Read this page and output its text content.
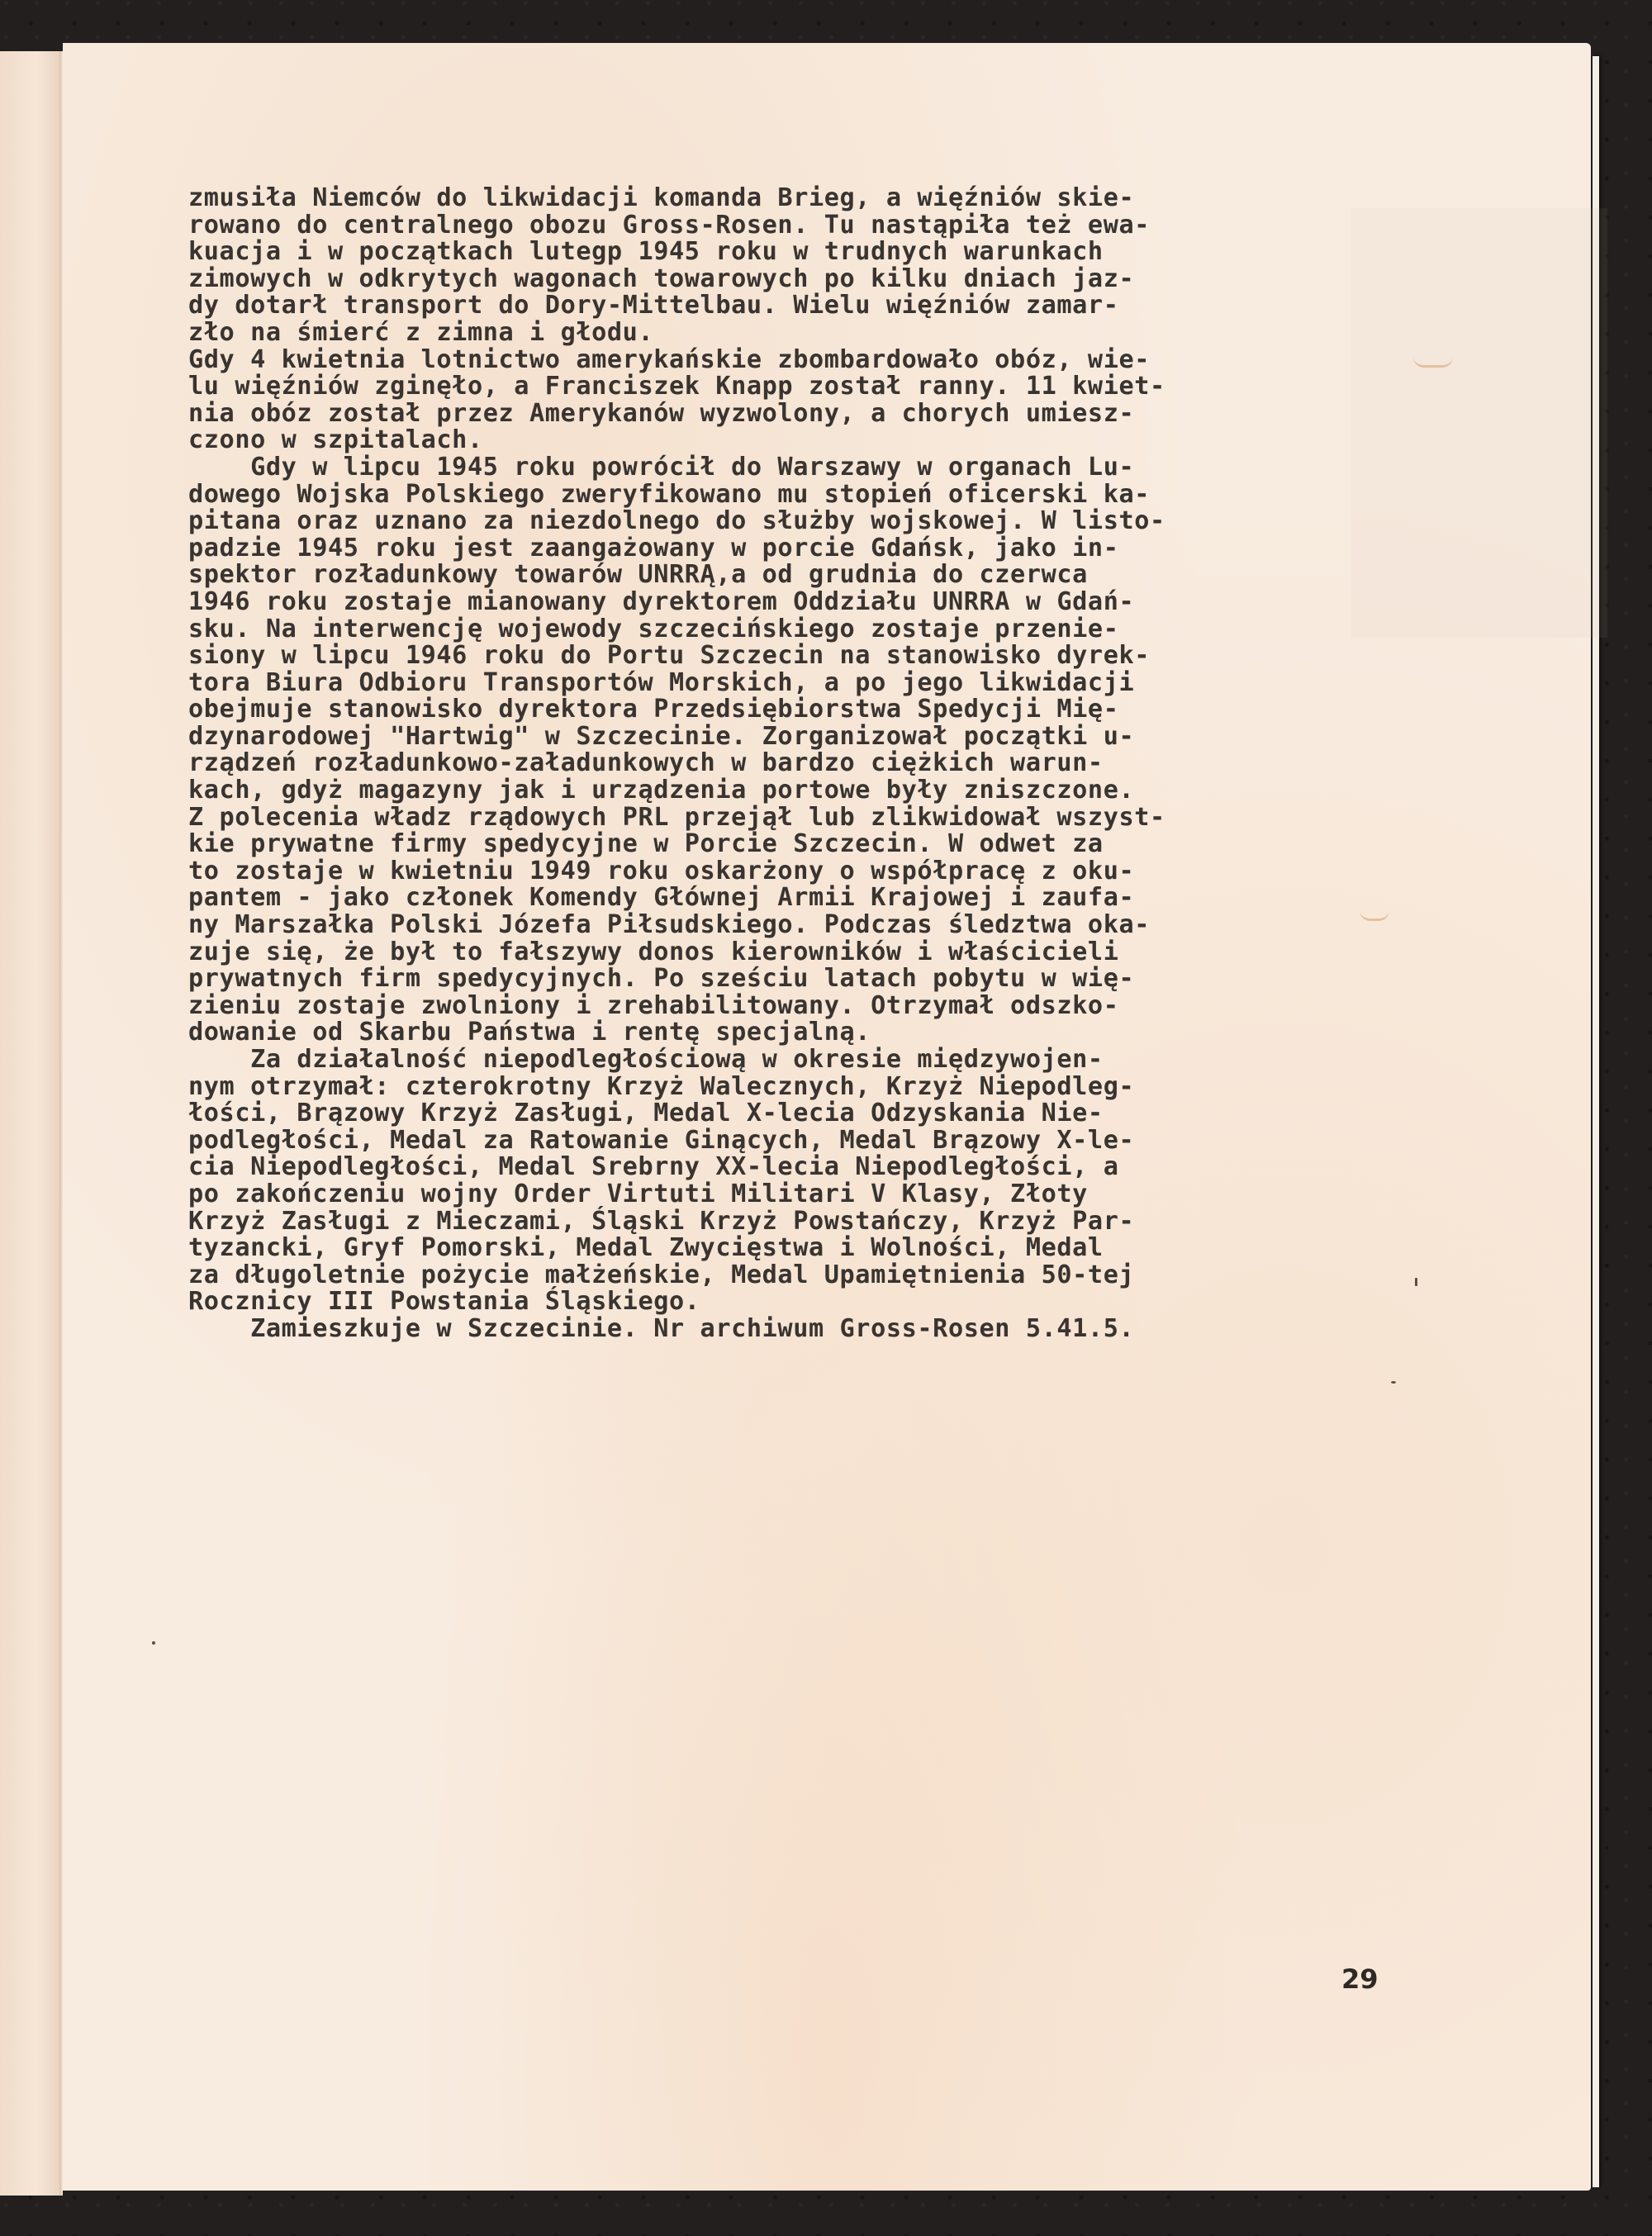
zmusiła Niemców do likwidacji komanda Brieg, a więźniów skie-
rowano do centralnego obozu Gross-Rosen. Tu nastąpiła też ewa-
kuacja i w początkach lutegp 1945 roku w trudnych warunkach
zimowych w odkrytych wagonach towarowych po kilku dniach jaz-
dy dotarł transport do Dory-Mittelbau. Wielu więźniów zamar-
zło na śmierć z zimna i głodu.
Gdy 4 kwietnia lotnictwo amerykańskie zbombardowało obóz, wie-
lu więźniów zginęło, a Franciszek Knapp został ranny. 11 kwiet-
nia obóz został przez Amerykanów wyzwolony, a chorych umiesz-
czono w szpitalach.
Gdy w lipcu 1945 roku powrócił do Warszawy w organach Lu-
dowego Wojska Polskiego zweryfikowano mu stopień oficerski ka-
pitana oraz uznano za niezdolnego do służby wojskowej. W listo-
padzie 1945 roku jest zaangażowany w porcie Gdańsk, jako in-
spektor rozładunkowy towarów UNRRĄ,a od grudnia do czerwca
1946 roku zostaje mianowany dyrektorem Oddziału UNRRA w Gdań-
sku. Na interwencję wojewody szczecińskiego zostaje przenie-
siony w lipcu 1946 roku do Portu Szczecin na stanowisko dyrek-
tora Biura Odbioru Transportów Morskich, a po jego likwidacji
obejmuje stanowisko dyrektora Przedsiębiorstwa Spedycji Mię-
dzynarodowej "Hartwig" w Szczecinie. Zorganizował początki u-
rządzeń rozładunkowo-załadunkowych w bardzo ciężkich warun-
kach, gdyż magazyny jak i urządzenia portowe były zniszczone.
Z polecenia władz rządowych PRL przejął lub zlikwidował wszyst-
kie prywatne firmy spedycyjne w Porcie Szczecin. W odwet za
to zostaje w kwietniu 1949 roku oskarżony o współpracę z oku-
pantem - jako członek Komendy Głównej Armii Krajowej i zaufa-
ny Marszałka Polski Józefa Piłsudskiego. Podczas śledztwa oka-
zuje się, że był to fałszywy donos kierowników i właścicieli
prywatnych firm spedycyjnych. Po sześciu latach pobytu w wię-
zieniu zostaje zwolniony i zrehabilitowany. Otrzymał odszko-
dowanie od Skarbu Państwa i rentę specjalną.
Za działalność niepodległościową w okresie międzywojen-
nym otrzymał: czterokrotny Krzyż Walecznych, Krzyż Niepodleg-
łości, Brązowy Krzyż Zasługi, Medal X-lecia Odzyskania Nie-
podległości, Medal za Ratowanie Ginących, Medal Brązowy X-le-
cia Niepodległości, Medal Srebrny XX-lecia Niepodległości, a
po zakończeniu wojny Order Virtuti Militari V Klasy, Złoty
Krzyż Zasługi z Mieczami, Śląski Krzyż Powstańczy, Krzyż Par-
tyzancki, Gryf Pomorski, Medal Zwycięstwa i Wolności, Medal
za długoletnie pożycie małżeńskie, Medal Upamiętnienia 50-tej
Rocznicy III Powstania Śląskiego.
Zamieszkuje w Szczecinie. Nr archiwum Gross-Rosen 5.41.5.
29
